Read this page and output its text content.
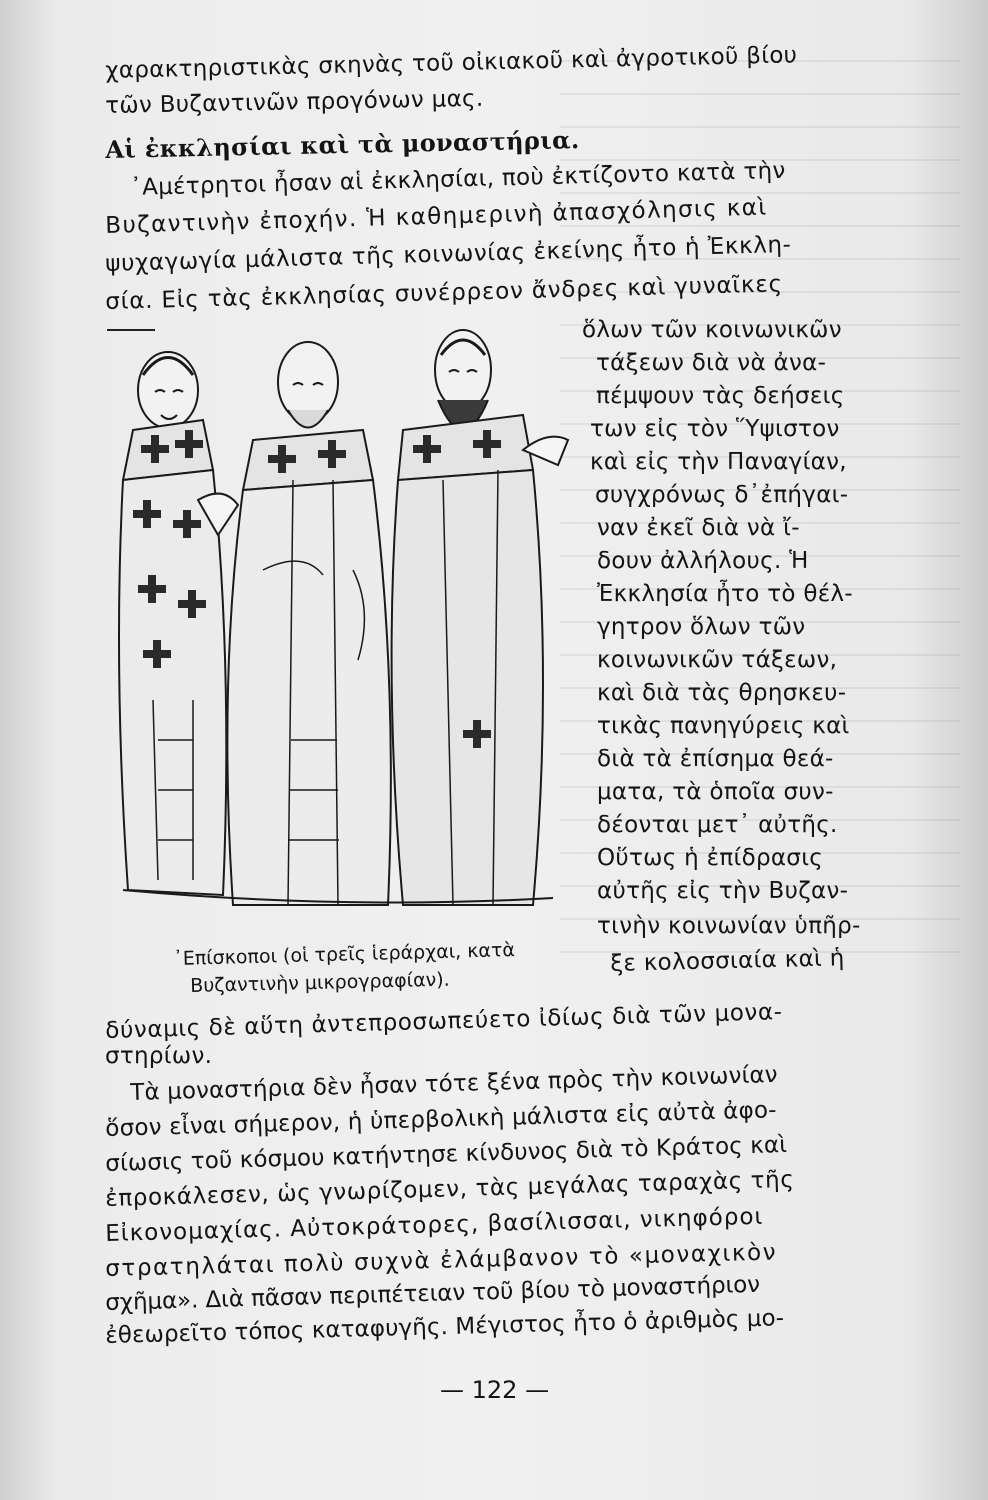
χαρακτηριστικὰς σκηνὰς τοῦ οἰκιακοῦ καὶ ἀγροτικοῦ βίου
τῶν Βυζαντινῶν προγόνων μας.
Αἱ ἐκκλησίαι καὶ τὰ μοναστήρια.
᾿Αμέτρητοι ἦσαν αἱ ἐκκλησίαι, ποὺ ἐκτίζοντο κατὰ τὴν
Βυζαντινὴν ἐποχήν. Ἡ καθημερινὴ ἀπασχόλησις καὶ
ψυχαγωγία μάλιστα τῆς κοινωνίας ἐκείνης ἦτο ἡ Ἐκκλη-
σία. Εἰς τὰς ἐκκλησίας συνέρρεον ἄνδρες καὶ γυναῖκες
ὅλων τῶν κοινωνικῶν
τάξεων διὰ νὰ ἀνα-
πέμψουν τὰς δεήσεις
των εἰς τὸν Ὕψιστον
καὶ εἰς τὴν Παναγίαν,
συγχρόνως δ᾿ἐπήγαι-
ναν ἐκεῖ διὰ νὰ ἴ-
δουν ἀλλήλους. Ἡ
Ἐκκλησία ἦτο τὸ θέλ-
γητρον ὅλων τῶν
κοινωνικῶν τάξεων,
καὶ διὰ τὰς θρησκευ-
τικὰς πανηγύρεις καὶ
διὰ τὰ ἐπίσημα θεά-
ματα, τὰ ὁποῖα συν-
δέονται μετ᾿ αὐτῆς.
Οὕτως ἡ ἐπίδρασις
αὐτῆς εἰς τὴν Βυζαν-
τινὴν κοινωνίαν ὑπῆρ-
ξε κολοσσιαία καὶ ἡ
᾿Επίσκοποι (οἱ τρεῖς ἱεράρχαι, κατὰ
Βυζαντινὴν μικρογραφίαν).
δύναμις δὲ αὕτη ἀντεπροσωπεύετο ἰδίως διὰ τῶν μονα-
στηρίων.
Τὰ μοναστήρια δὲν ἦσαν τότε ξένα πρὸς τὴν κοινωνίαν
ὅσον εἶναι σήμερον, ἡ ὑπερβολικὴ μάλιστα εἰς αὐτὰ ἀφο-
σίωσις τοῦ κόσμου κατήντησε κίνδυνος διὰ τὸ Κράτος καὶ
ἐπροκάλεσεν, ὡς γνωρίζομεν, τὰς μεγάλας ταραχὰς τῆς
Εἰκονομαχίας. Αὐτοκράτορες, βασίλισσαι, νικηφόροι
στρατηλάται πολὺ συχνὰ ἐλάμβανον τὸ «μοναχικὸν
σχῆμα». Διὰ πᾶσαν περιπέτειαν τοῦ βίου τὸ μοναστήριον
ἐθεωρεῖτο τόπος καταφυγῆς. Μέγιστος ἦτο ὁ ἀριθμὸς μο-
— 122 —
